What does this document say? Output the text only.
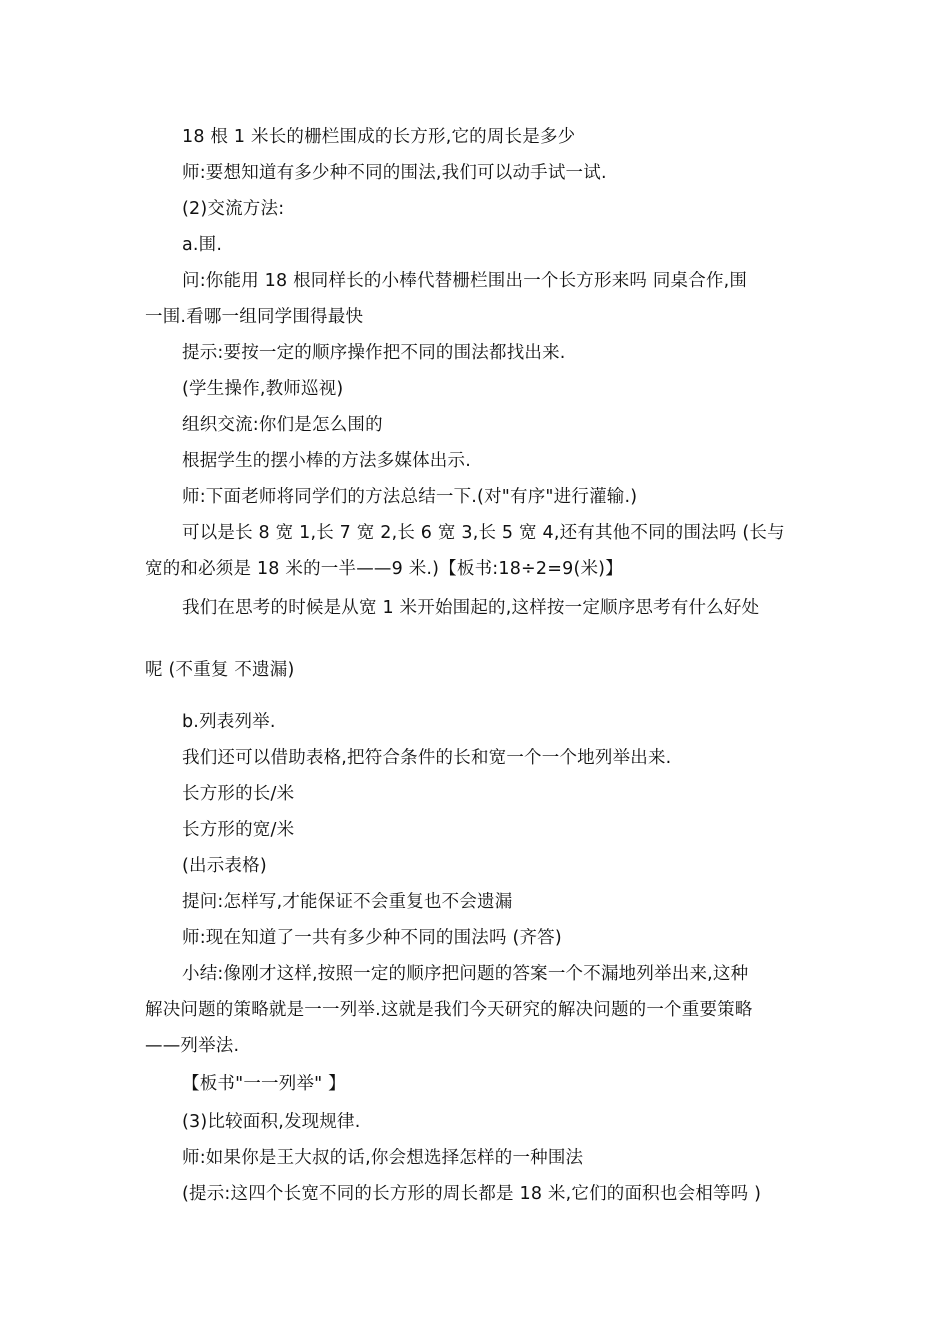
18 根 1 米长的栅栏围成的长方形,它的周长是多少
师:要想知道有多少种不同的围法,我们可以动手试一试.
(2)交流方法:
a.围.
问:你能用 18 根同样长的小棒代替栅栏围出一个长方形来吗 同桌合作,围
一围.看哪一组同学围得最快
提示:要按一定的顺序操作把不同的围法都找出来.
(学生操作,教师巡视)
组织交流:你们是怎么围的
根据学生的摆小棒的方法多媒体出示.
师:下面老师将同学们的方法总结一下.(对"有序"进行灌输.)
可以是长 8 宽 1,长 7 宽 2,长 6 宽 3,长 5 宽 4,还有其他不同的围法吗 (长与
宽的和必须是 18 米的一半——9 米.)【板书:18÷2=9(米)】
我们在思考的时候是从宽 1 米开始围起的,这样按一定顺序思考有什么好处
呢 (不重复 不遗漏)
b.列表列举.
我们还可以借助表格,把符合条件的长和宽一个一个地列举出来.
长方形的长/米
长方形的宽/米
(出示表格)
提问:怎样写,才能保证不会重复也不会遗漏
师:现在知道了一共有多少种不同的围法吗 (齐答)
小结:像刚才这样,按照一定的顺序把问题的答案一个不漏地列举出来,这种
解决问题的策略就是一一列举.这就是我们今天研究的解决问题的一个重要策略
——列举法.
【板书"一一列举" 】
(3)比较面积,发现规律.
师:如果你是王大叔的话,你会想选择怎样的一种围法
(提示:这四个长宽不同的长方形的周长都是 18 米,它们的面积也会相等吗 )
